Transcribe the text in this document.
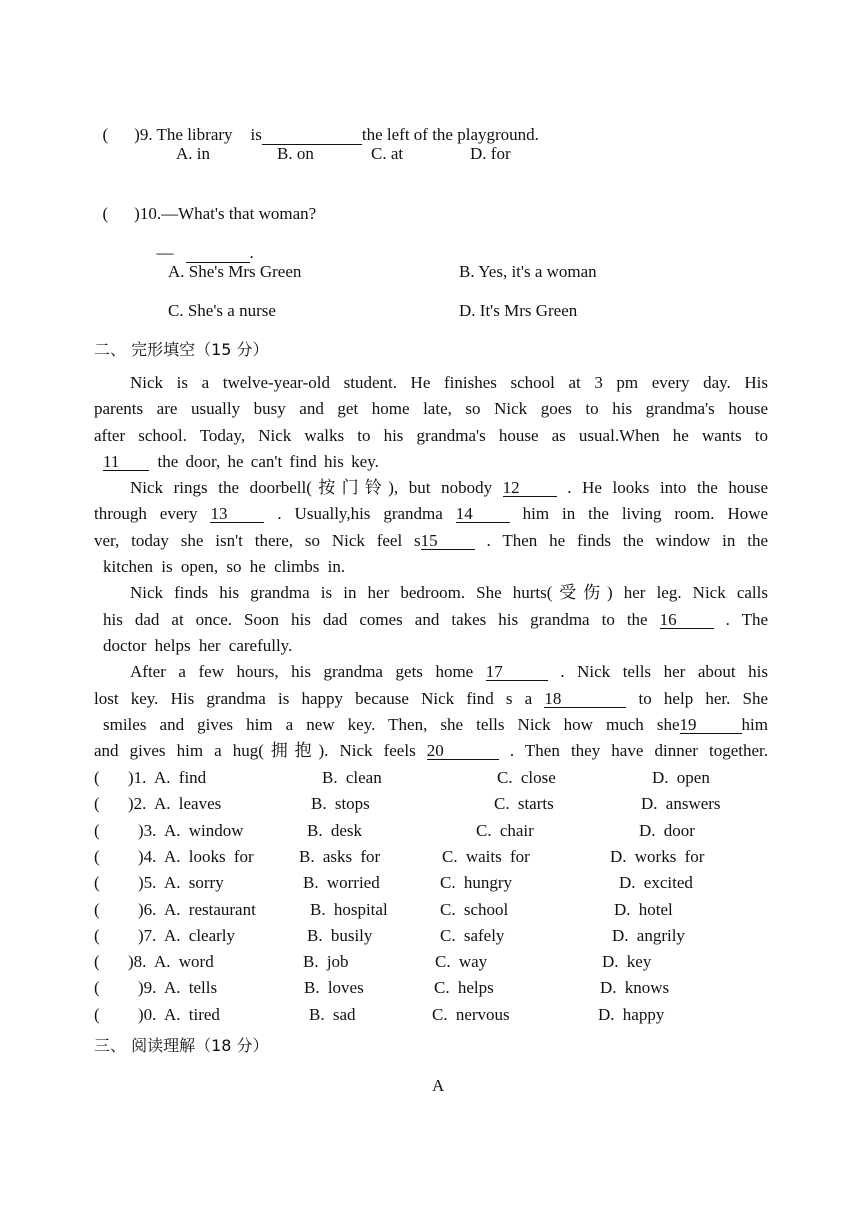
( )9. The library is	the left of the playground.

A. in	B. on	C. at	D. for

( )10.—What's that woman?

—	.

A. She's Mrs Green	B. Yes, it's a woman
C. She's a nurse	D. It's Mrs Green
二、 完形填空（15 分）
Nick is a twelve-year-old student. He finishes school at 3 pm every day. His
parents are usually busy and get home late, so Nick goes to his grandma's house
after school. Today, Nick walks to his grandma's house as usual.When he wants to
11 the door, he can't find his key.
Nick rings the doorbell(按门铃), but nobody 12	. He looks into the house
through every 13	. Usually,his grandma 14	him in the living room. Howe
ver, today she isn't there, so Nick feel s15	. Then he finds the window in the
kitchen is open, so he climbs in.
Nick finds his grandma is in her bedroom. She hurts(受伤) her leg. Nick calls
his dad at once. Soon his dad comes and takes his grandma to the 16	. The
doctor helps her carefully.
After a few hours, his grandma gets home 17	. Nick tells her about his
lost key. His grandma is happy because Nick find s a 18	to help her. She
smiles and gives him a new key. Then, she tells Nick how much she19	him
and gives him a hug(拥抱). Nick feels 20	. Then they have dinner together.
( )1. A. find	B. clean	C. close	D. open
( )2. A. leaves	B. stops	C. starts	D. answers
( )3. A. window	B. desk	C. chair	D. door
( )4. A. looks for	B. asks for	C. waits for	D. works for
( )5. A. sorry	B. worried	C. hungry	D. excited
( )6. A. restaurant	B. hospital	C. school	D. hotel
( )7. A. clearly	B. busily	C. safely	D. angrily
( )8. A. word	B. job	C. way	D. key
( )9. A. tells	B. loves	C. helps	D. knows
( )0. A. tired	B. sad	C. nervous	D. happy
三、 阅读理解（18 分）
A
